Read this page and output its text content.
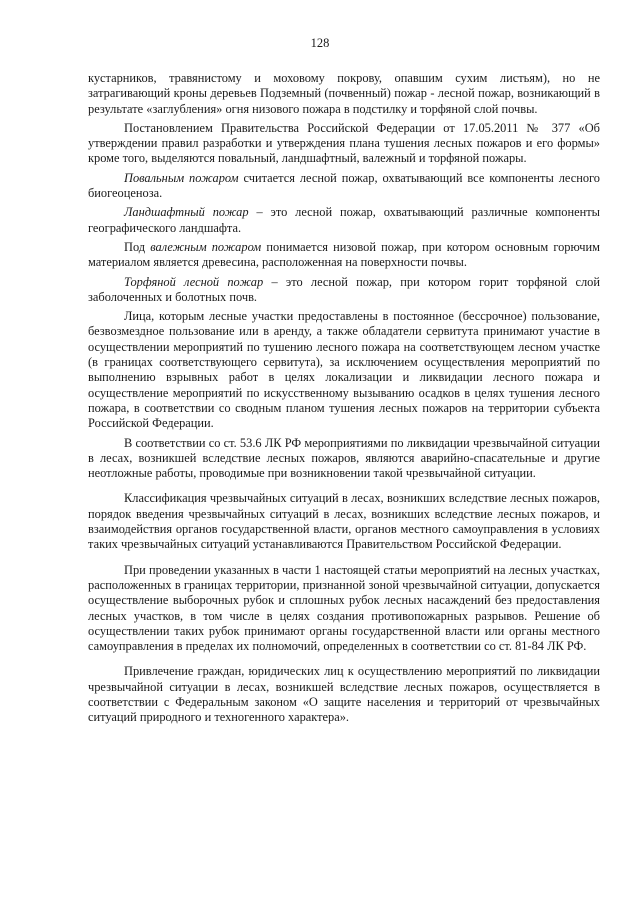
128

кустарников, травянистому и моховому покрову, опавшим сухим листьям), но не затрагивающий кроны деревьев Подземный (почвенный) пожар - лесной пожар, возникающий в результате «заглубления» огня низового пожара в подстилку и торфяной слой почвы.

Постановлением Правительства Российской Федерации от 17.05.2011 № 377 «Об утверждении правил разработки и утверждения плана тушения лесных пожаров и его формы» кроме того, выделяются повальный, ландшафтный, валежный и торфяной пожары.

Повальным пожаром считается лесной пожар, охватывающий все компоненты лесного биогеоценоза.

Ландшафтный пожар – это лесной пожар, охватывающий различные компоненты географического ландшафта.

Под валежным пожаром понимается низовой пожар, при котором основным горючим материалом является древесина, расположенная на поверхности почвы.

Торфяной лесной пожар – это лесной пожар, при котором горит торфяной слой заболоченных и болотных почв.

Лица, которым лесные участки предоставлены в постоянное (бессрочное) пользование, безвозмездное пользование или в аренду, а также обладатели сервитута принимают участие в осуществлении мероприятий по тушению лесного пожара на соответствующем лесном участке (в границах соответствующего сервитута), за исключением осуществления мероприятий по выполнению взрывных работ в целях локализации и ликвидации лесного пожара и осуществление мероприятий по искусственному вызыванию осадков в целях тушения лесного пожара, в соответствии со сводным планом тушения лесных пожаров на территории субъекта Российской Федерации.

В соответствии со ст. 53.6 ЛК РФ мероприятиями по ликвидации чрезвычайной ситуации в лесах, возникшей вследствие лесных пожаров, являются аварийно-спасательные и другие неотложные работы, проводимые при возникновении такой чрезвычайной ситуации.

Классификация чрезвычайных ситуаций в лесах, возникших вследствие лесных пожаров, порядок введения чрезвычайных ситуаций в лесах, возникших вследствие лесных пожаров, и взаимодействия органов государственной власти, органов местного самоуправления в условиях таких чрезвычайных ситуаций устанавливаются Правительством Российской Федерации.

При проведении указанных в части 1 настоящей статьи мероприятий на лесных участках, расположенных в границах территории, признанной зоной чрезвычайной ситуации, допускается осуществление выборочных рубок и сплошных рубок лесных насаждений без предоставления лесных участков, в том числе в целях создания противопожарных разрывов. Решение об осуществлении таких рубок принимают органы государственной власти или органы местного самоуправления в пределах их полномочий, определенных в соответствии со ст. 81-84 ЛК РФ.

Привлечение граждан, юридических лиц к осуществлению мероприятий по ликвидации чрезвычайной ситуации в лесах, возникшей вследствие лесных пожаров, осуществляется в соответствии с Федеральным законом «О защите населения и территорий от чрезвычайных ситуаций природного и техногенного характера».
